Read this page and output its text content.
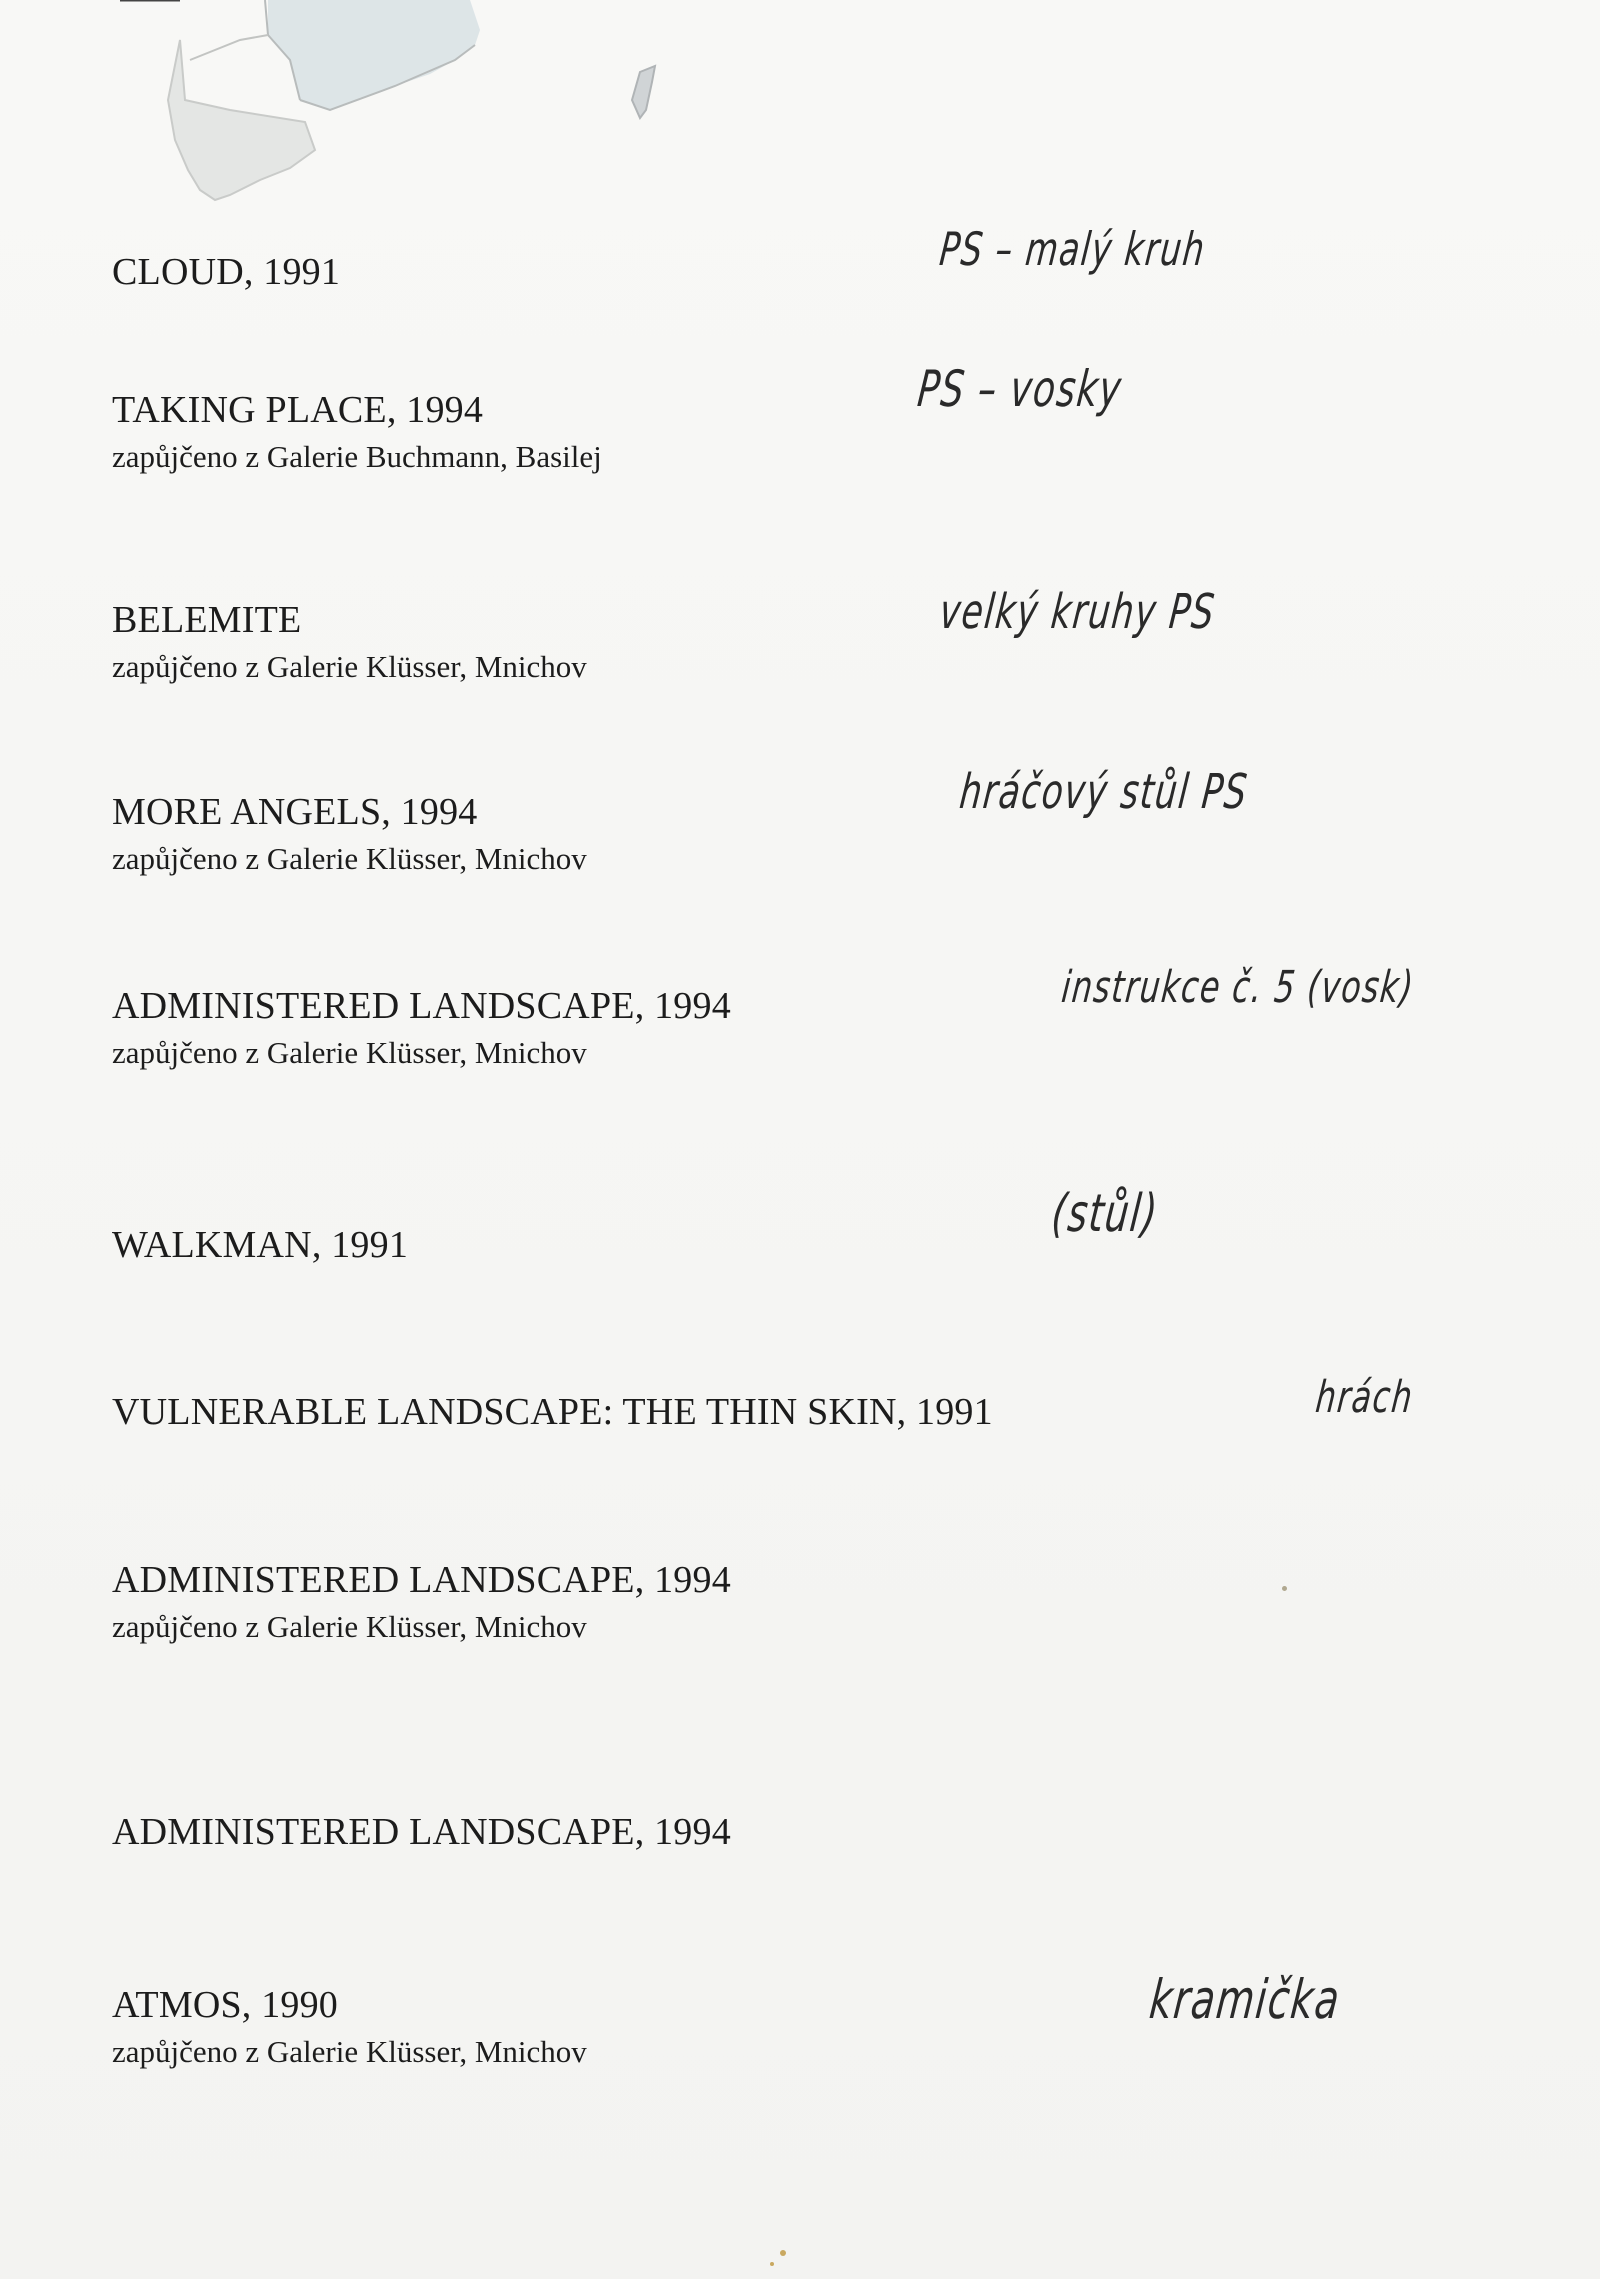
CLOUD, 1991
TAKING PLACE, 1994
zapůjčeno z Galerie Buchmann, Basilej
BELEMITE
zapůjčeno z Galerie Klüsser, Mnichov
MORE ANGELS, 1994
zapůjčeno z Galerie Klüsser, Mnichov
ADMINISTERED LANDSCAPE, 1994
zapůjčeno z Galerie Klüsser, Mnichov
WALKMAN, 1991
VULNERABLE LANDSCAPE: THE THIN SKIN, 1991
ADMINISTERED LANDSCAPE, 1994
zapůjčeno z Galerie Klüsser, Mnichov
ADMINISTERED LANDSCAPE, 1994
ATMOS, 1990
zapůjčeno z Galerie Klüsser, Mnichov
PS – malý kruh
PS – vosky
velký kruhy PS
hráčový stůl PS
instrukce č. 5 (vosk)
(stůl)
hrách
kramička
